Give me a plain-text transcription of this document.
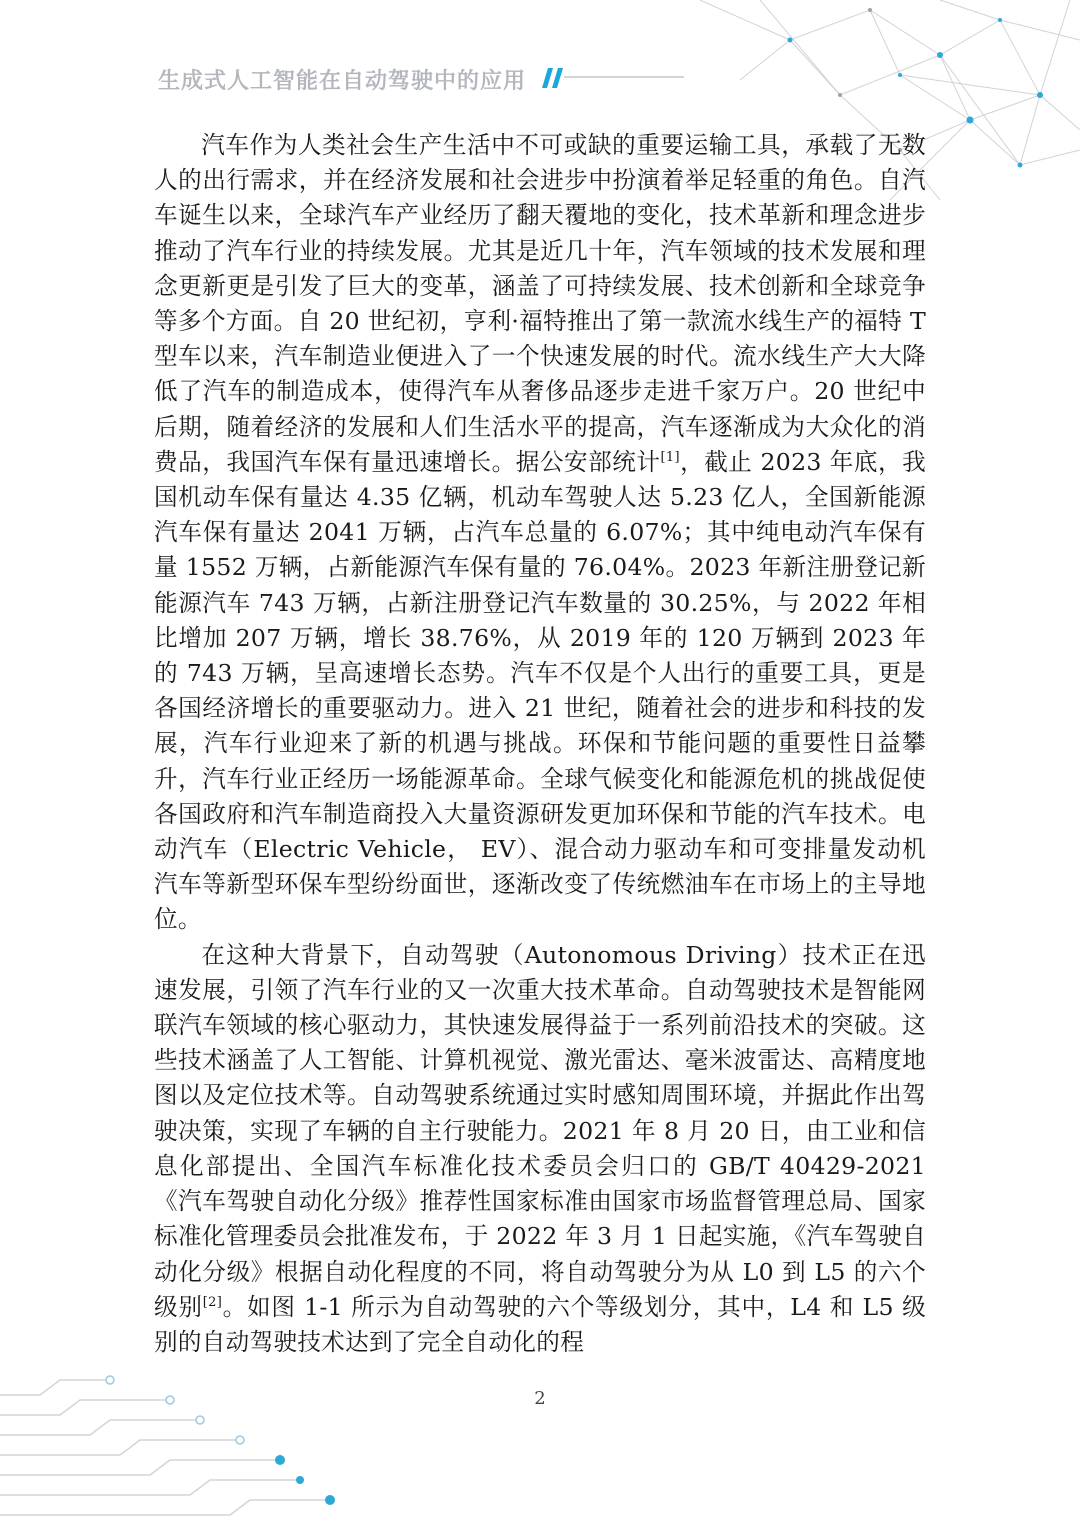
生成式人工智能在自动驾驶中的应用

汽车作为人类社会生产生活中不可或缺的重要运输工具，承载了无数人的出行需求，并在经济发展和社会进步中扮演着举足轻重的角色。自汽车诞生以来，全球汽车产业经历了翻天覆地的变化，技术革新和理念进步推动了汽车行业的持续发展。尤其是近几十年，汽车领域的技术发展和理念更新更是引发了巨大的变革，涵盖了可持续发展、技术创新和全球竞争等多个方面。自 20 世纪初，亨利·福特推出了第一款流水线生产的福特 T 型车以来，汽车制造业便进入了一个快速发展的时代。流水线生产大大降低了汽车的制造成本，使得汽车从奢侈品逐步走进千家万户。20 世纪中后期，随着经济的发展和人们生活水平的提高，汽车逐渐成为大众化的消费品，我国汽车保有量迅速增长。据公安部统计[1]，截止 2023 年底，我国机动车保有量达 4.35 亿辆，机动车驾驶人达 5.23 亿人，全国新能源汽车保有量达 2041 万辆，占汽车总量的 6.07%；其中纯电动汽车保有量 1552 万辆，占新能源汽车保有量的 76.04%。2023 年新注册登记新能源汽车 743 万辆，占新注册登记汽车数量的 30.25%，与 2022 年相比增加 207 万辆，增长 38.76%，从 2019 年的 120 万辆到 2023 年的 743 万辆，呈高速增长态势。汽车不仅是个人出行的重要工具，更是各国经济增长的重要驱动力。进入 21 世纪，随着社会的进步和科技的发展，汽车行业迎来了新的机遇与挑战。环保和节能问题的重要性日益攀升，汽车行业正经历一场能源革命。全球气候变化和能源危机的挑战促使各国政府和汽车制造商投入大量资源研发更加环保和节能的汽车技术。电动汽车（Electric Vehicle， EV）、混合动力驱动车和可变排量发动机汽车等新型环保车型纷纷面世，逐渐改变了传统燃油车在市场上的主导地位。

在这种大背景下，自动驾驶（Autonomous Driving）技术正在迅速发展，引领了汽车行业的又一次重大技术革命。自动驾驶技术是智能网联汽车领域的核心驱动力，其快速发展得益于一系列前沿技术的突破。这些技术涵盖了人工智能、计算机视觉、激光雷达、毫米波雷达、高精度地图以及定位技术等。自动驾驶系统通过实时感知周围环境，并据此作出驾驶决策，实现了车辆的自主行驶能力。2021 年 8 月 20 日，由工业和信息化部提出、全国汽车标准化技术委员会归口的 GB/T 40429-2021《汽车驾驶自动化分级》推荐性国家标准由国家市场监督管理总局、国家标准化管理委员会批准发布，于 2022 年 3 月 1 日起实施，《汽车驾驶自动化分级》根据自动化程度的不同，将自动驾驶分为从 L0 到 L5 的六个级别[2]。如图 1-1 所示为自动驾驶的六个等级划分，其中，L4 和 L5 级别的自动驾驶技术达到了完全自动化的程

2
